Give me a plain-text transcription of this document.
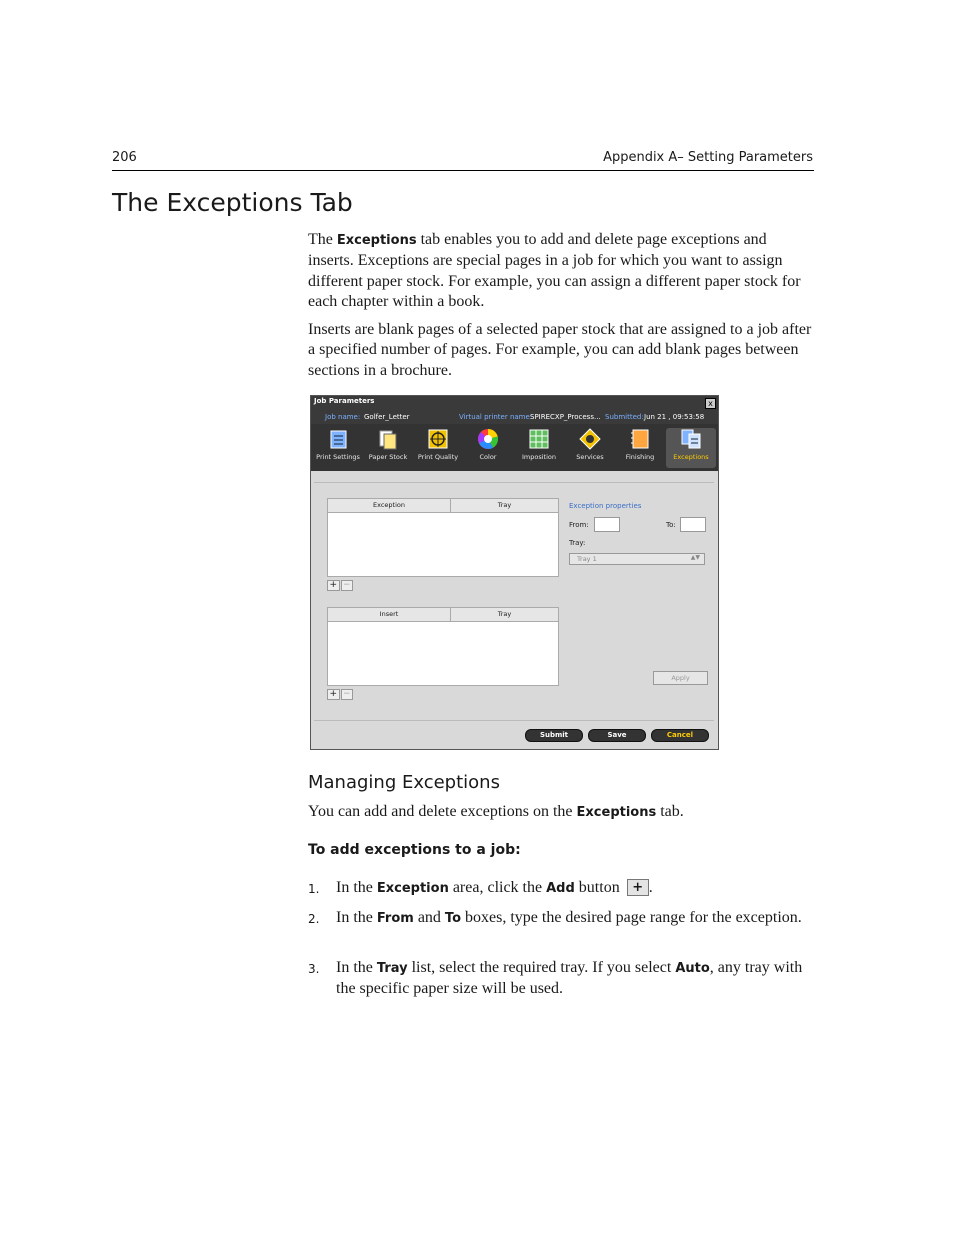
206	Appendix A– Setting Parameters
The Exceptions Tab

The Exceptions tab enables you to add and delete page exceptions and inserts. Exceptions are special pages in a job for which you want to assign different paper stock. For example, you can assign a different paper stock for each chapter within a book.

Inserts are blank pages of a selected paper stock that are assigned to a job after a specified number of pages. For example, you can add blank pages between sections in a brochure.

Job Parameters	x
Job name: Golfer_Letter	Virtual printer name:
SPIRECXP_Process... Submitted: Jun 21 , 09:53:58
Print Settings	Paper Stock	Print Quality	Color	Imposition	Services	Finishing	Exceptions
Exception	Tray
+ −
Insert	Tray
+ −
Exception properties
From:	To:
Tray:
Tray 1	▲▼
Apply
Submit	Save	Cancel
Managing Exceptions

You can add and delete exceptions on the Exceptions tab.

To add exceptions to a job:

1. In the Exception area, click the Add button + .
2. In the From and To boxes, type the desired page range for the exception.
3. In the Tray list, select the required tray. If you select Auto, any tray with the specific paper size will be used.
